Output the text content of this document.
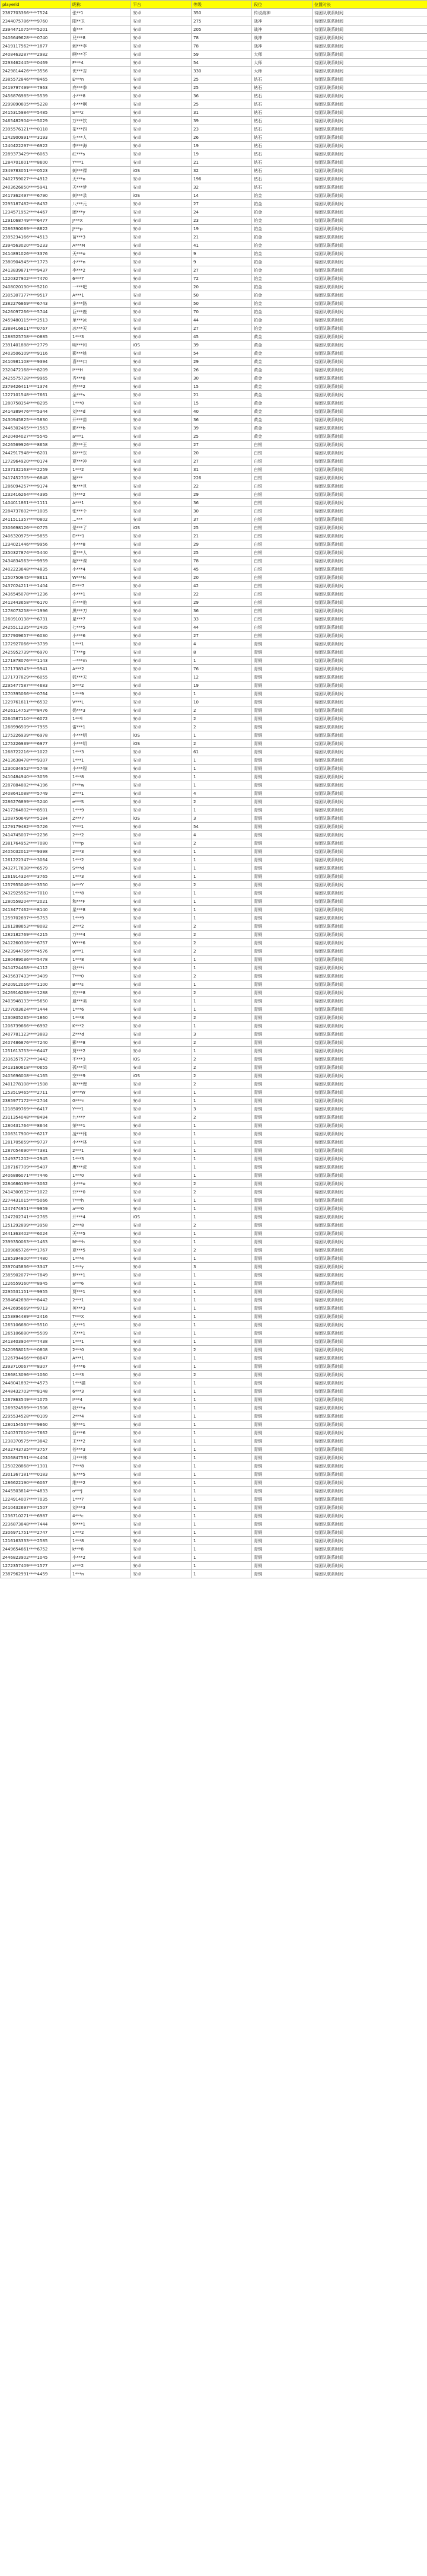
playerid	昵称	平台	等级	段位	位置时长
2387703366****7524	张**1	安卓	350	传说战神	待团队联系时间
2344075786****9760	阳**卫	安卓	275	战神	待团队联系时间
2394471075****5201	南***	安卓	205	战神	待团队联系时间
2406649628****0740	兄***8	安卓	78	战神	待团队联系时间
2419117562****1877	刺***李	安卓	78	战神	待团队联系时间
2408463287****2982	啊***不	安卓	59	大师	待团队联系时间
2293462445****0469	F***4	安卓	54	大师	待团队联系时间
2429814426****3556	优***吉	安卓	330	大师	待团队联系时间
2385572846****8465	E***n	安卓	25	钻石	待团队联系时间
2419797499****7963	亮***拳	安卓	25	钻石	待团队联系时间
2456876985****5539	小***8	安卓	36	钻石	待团队联系时间
2299890605****5228	小***啊	安卓	25	钻石	待团队联系时间
2415315984****5485	S***z	安卓	31	钻石	待团队联系时间
2465482904****5029	万***饮	安卓	39	钻石	待团队联系时间
2395576121****0118	茶***四	安卓	23	钻石	待团队联系时间
1242900991****3193	左***人	安卓	26	钻石	待团队联系时间
1240422297****6922	李***海	安卓	19	钻石	待团队联系时间
2289373429****6063	红***s	安卓	19	钻石	待团队联系时间
1284701601****8600	Y***1	安卓	21	钻石	待团队联系时间
2349783051****0523	刺***裸	iOS	32	钻石	待团队联系时间
2402759027****4912	天***o	安卓	196	钻石	待团队联系时间
2403626850****5941	天***梦	安卓	32	钻石	待团队联系时间
2417362497****6790	刺***录	iOS	14	铂金	待团队联系时间
2295187482****8432	八***元	安卓	27	铂金	待团队联系时间
1234571952****4467	团***y	安卓	24	铂金	待团队联系时间
1291068749****6477	J***X	安卓	23	铂金	待团队联系时间
2286390089****8822	J***p	安卓	19	铂金	待团队联系时间
2395234166****4513	苗***3	安卓	21	铂金	待团队联系时间
2394563020****5233	A***M	安卓	41	铂金	待团队联系时间
2414891026****3376	天***o	安卓	9	铂金	待团队联系时间
2380904945****1773	小***n	安卓	9	铂金	待团队联系时间
2413839871****9437	李***2	安卓	27	铂金	待团队联系时间
1220327902****7470	6***7	安卓	72	铂金	待团队联系时间
2408020130****5210	一***吧	安卓	20	铂金	待团队联系时间
2305307377****9517	A***1	安卓	50	铂金	待团队联系时间
2382276869****6743	多***路	安卓	50	铂金	待团队联系时间
2426097266****5744	巨***鹿	安卓	70	铂金	待团队联系时间
2459480115****2513	单***冰	安卓	44	铂金	待团队联系时间
2388416811****0767	冰***天	安卓	27	铂金	待团队联系时间
1288525758****0885	1***3	安卓	45	黄金	待团队联系时间
2391401888****2779	明***和	iOS	39	黄金	待团队联系时间
2403506109****9116	影***桃	安卓	54	黄金	待团队联系时间
2410981108****9394	喜***口	安卓	29	黄金	待团队联系时间
2320472168****8209	I***H	安卓	26	黄金	待团队联系时间
2425575728****9965	秀***8	安卓	30	黄金	待团队联系时间
2379426411****1374	亮***2	安卓	15	黄金	待团队联系时间
1227101548****7661	金***s	安卓	21	黄金	待团队联系时间
1280758354****8295	1***0	安卓	15	黄金	待团队联系时间
2414389476****5344	刘***d	安卓	40	黄金	待团队联系时间
2430945825****5830	开***苗	安卓	36	黄金	待团队联系时间
2446302465****1563	影***b	安卓	39	黄金	待团队联系时间
2420404027****5545	a***1	安卓	25	黄金	待团队联系时间
2426569926****8658	漂***王	安卓	27	白银	待团队联系时间
2442917948****6201	林***东	安卓	20	白银	待团队联系时间
1272964920****0174	夏***冲	安卓	27	白银	待团队联系时间
1237132163****2259	1***2	安卓	31	白银	待团队联系时间
2417452705****6848	婆***	安卓	226	白银	待团队联系时间
1286094257****9174	兔***旦	安卓	22	白银	待团队联系时间
1232416264****4395	谷***2	安卓	29	白银	待团队联系时间
1404011861****1111	A***1	安卓	36	白银	待团队联系时间
2284737602****1005	张***个	安卓	30	白银	待团队联系时间
2411511357****0802	...***	安卓	37	白银	待团队联系时间
2306698126****0775	是***了	iOS	25	白银	待团队联系时间
2406320975****5855	D***1	安卓	21	白银	待团队联系时间
1234021446****9956	小***8	安卓	29	白银	待团队联系时间
2350327874****5440	雷***人	安卓	25	白银	待团队联系时间
2434834563****9959	超***课	安卓	78	白银	待团队联系时间
2402223648****4835	小***4	安卓	45	白银	待团队联系时间
1250750845****8611	W***N	安卓	20	白银	待团队联系时间
2437024211****1404	D***7	安卓	42	白银	待团队联系时间
2436545078****1236	小***1	安卓	22	白银	待团队联系时间
2412443658****6170	升***他	安卓	29	白银	待团队联系时间
1278073258****1996	黑***刀	安卓	36	白银	待团队联系时间
1260910138****6731	星***7	安卓	33	白银	待团队联系时间
2425511235****2405	七***5	安卓	44	白银	待团队联系时间
2377909657****6030	小***6	安卓	27	白银	待团队联系时间
1272927066****3739	1***1	安卓	4	青铜	待团队联系时间
2425952739****6970	丁***g	安卓	8	青铜	待团队联系时间
1271878076****1143	一***m	安卓	1	青铜	待团队联系时间
1271738343****5941	A***2	安卓	76	青铜	待团队联系时间
1271737829****6055	狐***天	安卓	12	青铜	待团队联系时间
2295477587****4683	5***2	安卓	19	青铜	待团队联系时间
1270395066****0764	1***9	安卓	1	青铜	待团队联系时间
1229761611****6532	V***L	安卓	10	青铜	待团队联系时间
2426114753****8476	奶***3	安卓	2	青铜	待团队联系时间
2264587110****6072	1***l	安卓	2	青铜	待团队联系时间
1268996509****7955	雷***1	安卓	2	青铜	待团队联系时间
1275226939****6978	小***明	iOS	1	青铜	待团队联系时间
1275226939****6977	小***明	iOS	2	青铜	待团队联系时间
1268722216****1022	1***3	安卓	61	青铜	待团队联系时间
2413638478****9307	1***1	安卓	1	青铜	待团队联系时间
1230034952****5748	小***程	安卓	1	青铜	待团队联系时间
2410484940****3059	1***8	安卓	1	青铜	待团队联系时间
2287884882****4196	F***w	安卓	1	青铜	待团队联系时间
2408641088****5749	2***1	安卓	4	青铜	待团队联系时间
2286276899****5240	e***S	安卓	2	青铜	待团队联系时间
2417264802****8501	1***9	安卓	1	青铜	待团队联系时间
1208750649****5184	Z***7	iOS	3	青铜	待团队联系时间
1279179482****5726	Y***1	安卓	54	青铜	待团队联系时间
2414745007****2236	2***2	安卓	4	青铜	待团队联系时间
2381764952****7080	T***p	安卓	2	青铜	待团队联系时间
2405032012****9398	2***3	安卓	1	青铜	待团队联系时间
1261222347****3064	1***2	安卓	1	青铜	待团队联系时间
2432717638****6579	S***d	安卓	1	青铜	待团队联系时间
1261914324****3765	1***3	安卓	1	青铜	待团队联系时间
1257955046****3550	h***Y	安卓	2	青铜	待团队联系时间
2432925562****7010	1***8	安卓	1	青铜	待团队联系时间
1280558204****2021	和***F	安卓	1	青铜	待团队联系时间
2413477462****8140	星***8	安卓	1	青铜	待团队联系时间
1259702697****5753	1***9	安卓	1	青铜	待团队联系时间
1261288653****8082	2***2	安卓	2	青铜	待团队联系时间
1282182769****4215	万***4	安卓	2	青铜	待团队联系时间
2412260308****6757	W***6	安卓	2	青铜	待团队联系时间
2423944756****4576	a***1	安卓	2	青铜	待团队联系时间
1280489036****5478	1***8	安卓	1	青铜	待团队联系时间
2414724468****4112	我***i	安卓	1	青铜	待团队联系时间
2435637433****3409	T***0	安卓	2	青铜	待团队联系时间
2420912016****1100	B***s	安卓	1	青铜	待团队联系时间
2426916268****1288	欢***8	安卓	2	青铜	待团队联系时间
2403948133****5650	最***美	安卓	1	青铜	待团队联系时间
1277003624****1444	1***6	安卓	1	青铜	待团队联系时间
1230805235****1860	1***8	安卓	2	青铜	待团队联系时间
1206739666****6992	K***2	安卓	1	青铜	待团队联系时间
2407781123****3883	Z***d	安卓	3	青铜	待团队联系时间
2407486876****7240	影***8	安卓	2	青铜	待团队联系时间
1251613753****6447	贾***2	安卓	1	青铜	待团队联系时间
2336357572****3442	不***3	iOS	2	青铜	待团队联系时间
2413160618****0655	孤***贝	安卓	2	青铜	待团队联系时间
2405696008****4165	空***9	iOS	2	青铜	待团队联系时间
2401278108****1508	被***理	安卓	2	青铜	待团队联系时间
1253519465****2711	0***W	安卓	1	青铜	待团队联系时间
2385977172****2744	G***n	安卓	1	青铜	待团队联系时间
1218509769****6417	Y***1	安卓	3	青铜	待团队联系时间
2311354048****8494	九***Y	安卓	2	青铜	待团队联系时间
1280431764****8644	荣***1	安卓	1	青铜	待团队联系时间
1206317900****6217	凌***雅	安卓	1	青铜	待团队联系时间
1281705659****9737	小***林	安卓	1	青铜	待团队联系时间
1287054690****7381	2***1	安卓	1	青铜	待团队联系时间
1249371202****2945	1***3	安卓	1	青铜	待团队联系时间
1287167709****5407	鹰***虎	安卓	1	青铜	待团队联系时间
2406886071****7446	1***0	安卓	1	青铜	待团队联系时间
2284686199****3062	小***o	安卓	2	青铜	待团队联系时间
2414300932****1022	菲***0	安卓	2	青铜	待团队联系时间
2274431015****5066	T***h	安卓	1	青铜	待团队联系时间
1247474951****9959	a***0	安卓	1	青铜	待团队联系时间
1247202741****2765	开***4	iOS	1	青铜	待团队联系时间
1251292899****3958	2***8	安卓	2	青铜	待团队联系时间
2441363402****6024	天***5	安卓	1	青铜	待团队联系时间
2399350063****1463	M***h	安卓	1	青铜	待团队联系时间
1209865726****1767	夏***5	安卓	2	青铜	待团队联系时间
1285394800****7480	1***4	安卓	1	青铜	待团队联系时间
2397045836****3347	1***y	安卓	3	青铜	待团队联系时间
2385902077****7849	梦***1	安卓	1	青铜	待团队联系时间
1226559160****8945	a***6	安卓	1	青铜	待团队联系时间
2295531151****9955	贾***1	安卓	1	青铜	待团队联系时间
2384642698****8442	2***1	安卓	1	青铜	待团队联系时间
2442695669****9713	英***3	安卓	1	青铜	待团队联系时间
1253894489****2416	T***X	安卓	1	青铜	待团队联系时间
1265106680****5510	天***1	安卓	1	青铜	待团队联系时间
1265106680****5509	天***1	安卓	1	青铜	待团队联系时间
2413403904****7438	1***1	安卓	1	青铜	待团队联系时间
2420958015****0808	2***0	安卓	2	青铜	待团队联系时间
1226794466****8847	A***1	安卓	1	青铜	待团队联系时间
2393710067****8307	小***6	安卓	1	青铜	待团队联系时间
1286813096****1060	1***3	安卓	2	青铜	待团队联系时间
2448041892****4573	1***猫	安卓	1	青铜	待团队联系时间
2448432703****8148	6***3	安卓	1	青铜	待团队联系时间
1267863549****1075	I***4	安卓	1	青铜	待团队联系时间
1269324589****1506	我***a	安卓	1	青铜	待团队联系时间
2295534528****0109	2***4	安卓	1	青铜	待团队联系时间
1280154567****9860	荣***1	安卓	1	青铜	待团队联系时间
1240237010****7662	吾***6	安卓	1	青铜	待团队联系时间
1238370575****3842	王***2	安卓	1	青铜	待团队联系时间
2432743735****3757	苍***3	安卓	1	青铜	待团队联系时间
2306847591****4404	月***林	安卓	1	青铜	待团队联系时间
1250228868****1301	7***8	安卓	1	青铜	待团队联系时间
2301367181****0183	东***5	安卓	1	青铜	待团队联系时间
1286622190****6067	维***2	安卓	1	青铜	待团队联系时间
2445503814****4833	o***J	安卓	1	青铜	待团队联系时间
1224914007****7035	1***7	安卓	1	青铜	待团队联系时间
2410432697****1507	刘***3	安卓	1	青铜	待团队联系时间
1236710271****6987	4***c	安卓	1	青铜	待团队联系时间
2236873848****7444	钟***1	安卓	1	青铜	待团队联系时间
2306971751****2747	1***2	安卓	1	青铜	待团队联系时间
1216163333****2585	1***8	安卓	1	青铜	待团队联系时间
2449654661****6752	k***8	安卓	1	青铜	待团队联系时间
2446823902****1045	小***2	安卓	1	青铜	待团队联系时间
1272357409****1577	x***2	安卓	1	青铜	待团队联系时间
2387962991****4459	1***n	安卓	1	青铜	待团队联系时间
